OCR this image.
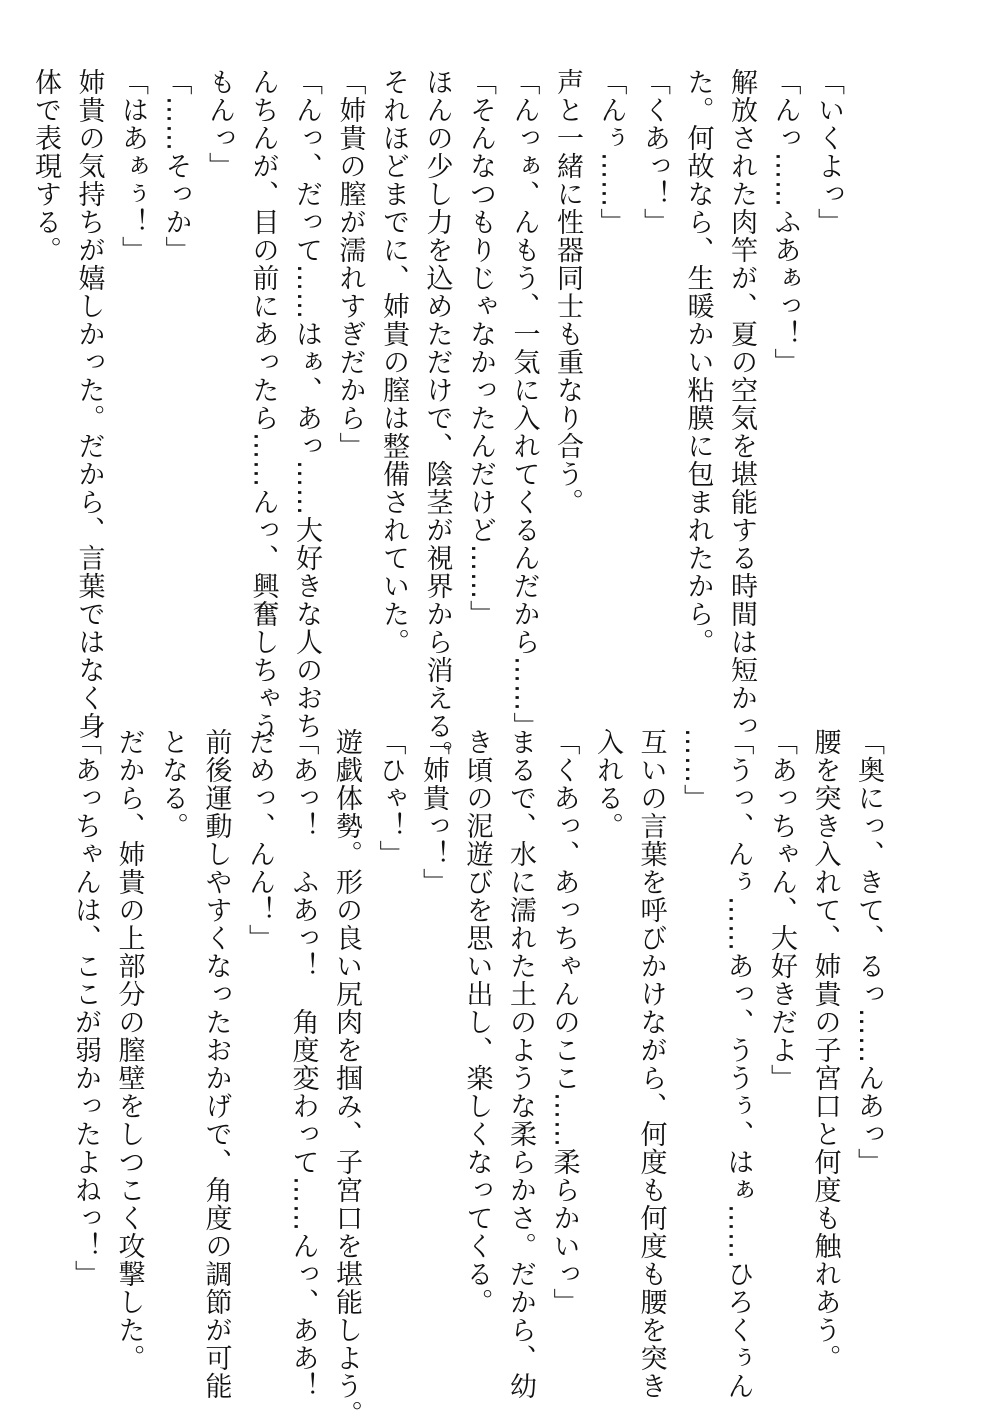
「いくよっ」
「んっ……ふあぁっ！」
解放された肉竿が、夏の空気を堪能する時間は短かっ
た。何故なら、生暖かい粘膜に包まれたから。
「くあっ！」
「んぅ……」
声と一緒に性器同士も重なり合う。
「んっぁ、んもう、一気に入れてくるんだから……」
「そんなつもりじゃなかったんだけど……」
ほんの少し力を込めただけで、陰茎が視界から消える。
それほどまでに、姉貴の膣は整備されていた。
「姉貴の膣が濡れすぎだから」
「んっ、だって……はぁ、あっ……大好きな人のおち
んちんが、目の前にあったら……んっ、興奮しちゃう
もんっ」
「……そっか」
「はあぁぅ！」
姉貴の気持ちが嬉しかった。だから、言葉ではなく身
体で表現する。
「奥にっ、きて、るっ……んあっ」
腰を突き入れて、姉貴の子宮口と何度も触れあう。
「あっちゃん、大好きだよ」
「うっ、んぅ……あっ、ううぅ、はぁ……ひろくぅん
……」
互いの言葉を呼びかけながら、何度も何度も腰を突き
入れる。
「くあっ、あっちゃんのここ……柔らかいっ」
まるで、水に濡れた土のような柔らかさ。だから、幼
き頃の泥遊びを思い出し、楽しくなってくる。
「姉貴っ！」
「ひゃ！」
遊戯体勢。形の良い尻肉を掴み、子宮口を堪能しよう。
「あっ！　ふあっ！　角度変わって……んっ、ああ！
だめっ、んん！」
前後運動しやすくなったおかげで、角度の調節が可能
となる。
だから、姉貴の上部分の膣壁をしつこく攻撃した。
「あっちゃんは、ここが弱かったよねっ！」
